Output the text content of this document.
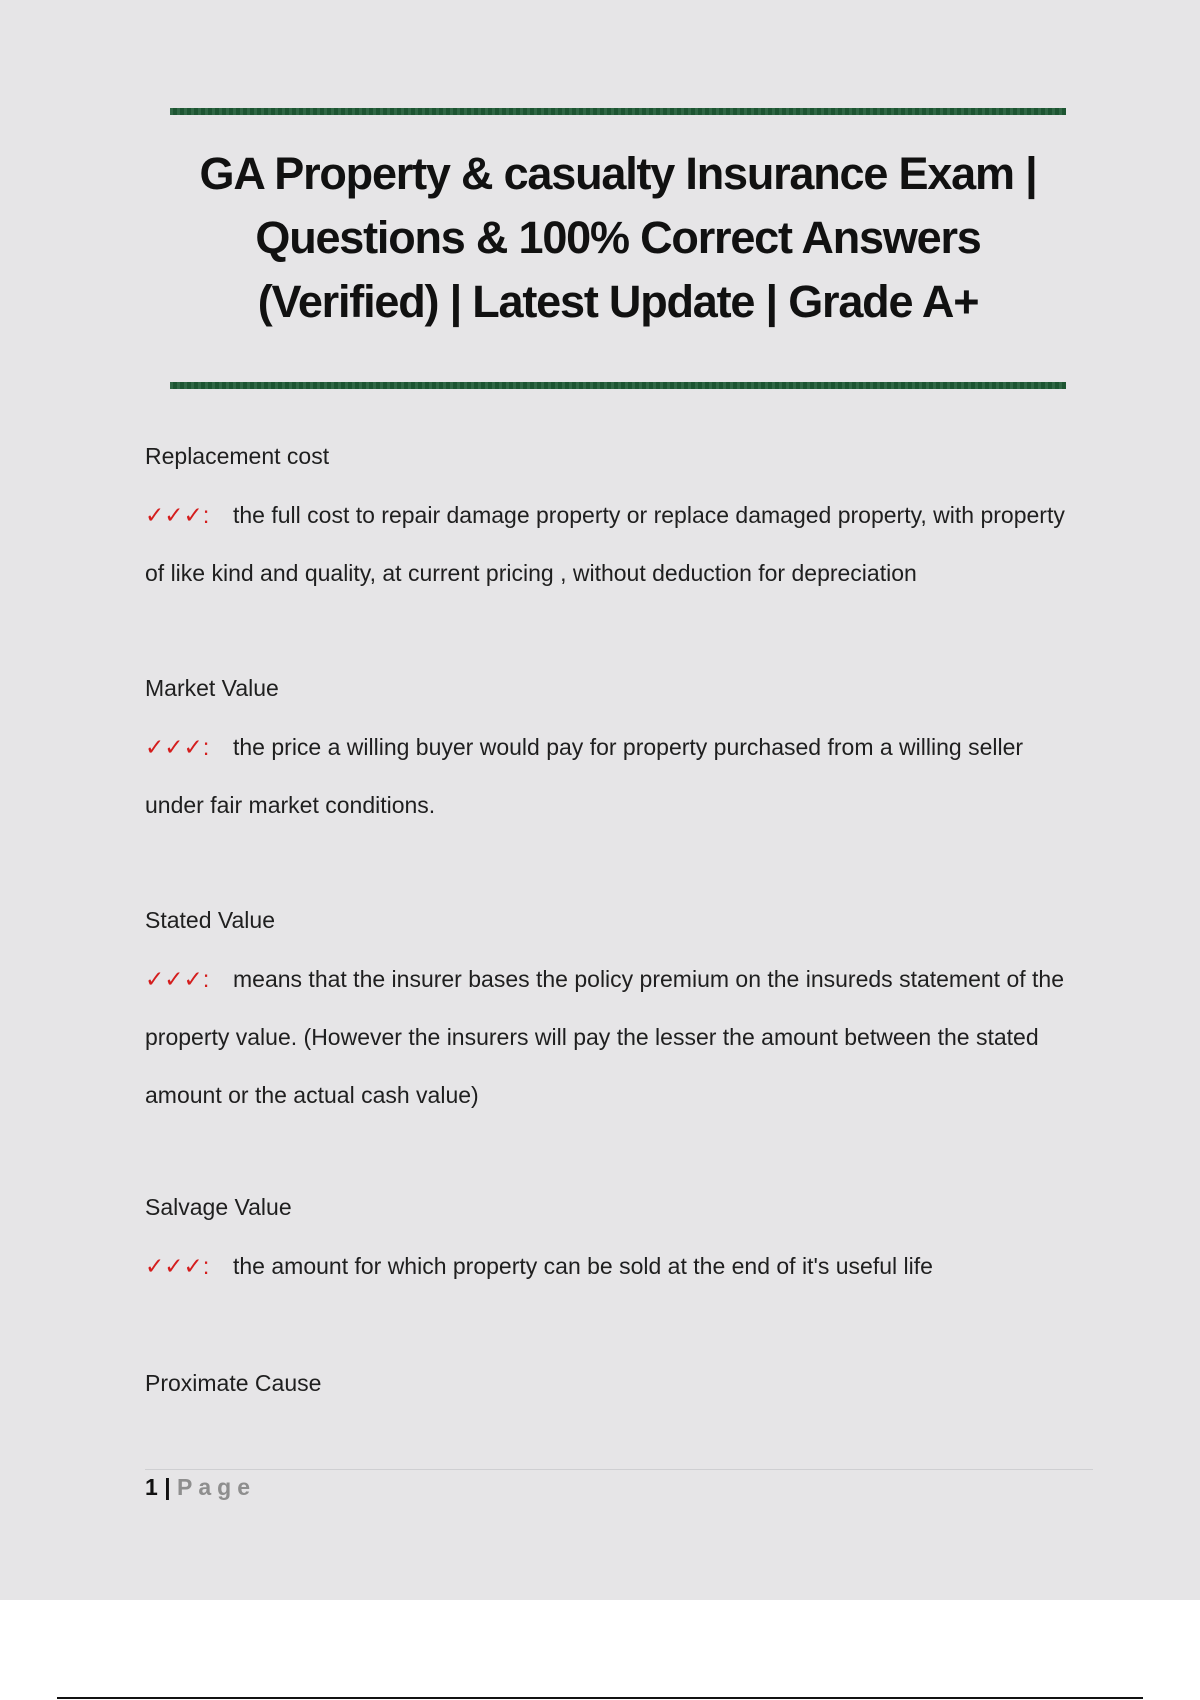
GA Property & casualty Insurance Exam |
Questions & 100% Correct Answers
(Verified) | Latest Update | Grade A+

Replacement cost

✓✓✓: the full cost to repair damage property or replace damaged property, with property of like kind and quality, at current pricing , without deduction for depreciation

Market Value

✓✓✓: the price a willing buyer would pay for property purchased from a willing seller under fair market conditions.

Stated Value

✓✓✓: means that the insurer bases the policy premium on the insureds statement of the property value. (However the insurers will pay the lesser the amount between the stated amount or the actual cash value)

Salvage Value

✓✓✓: the amount for which property can be sold at the end of it's useful life

Proximate Cause

1 | Page
